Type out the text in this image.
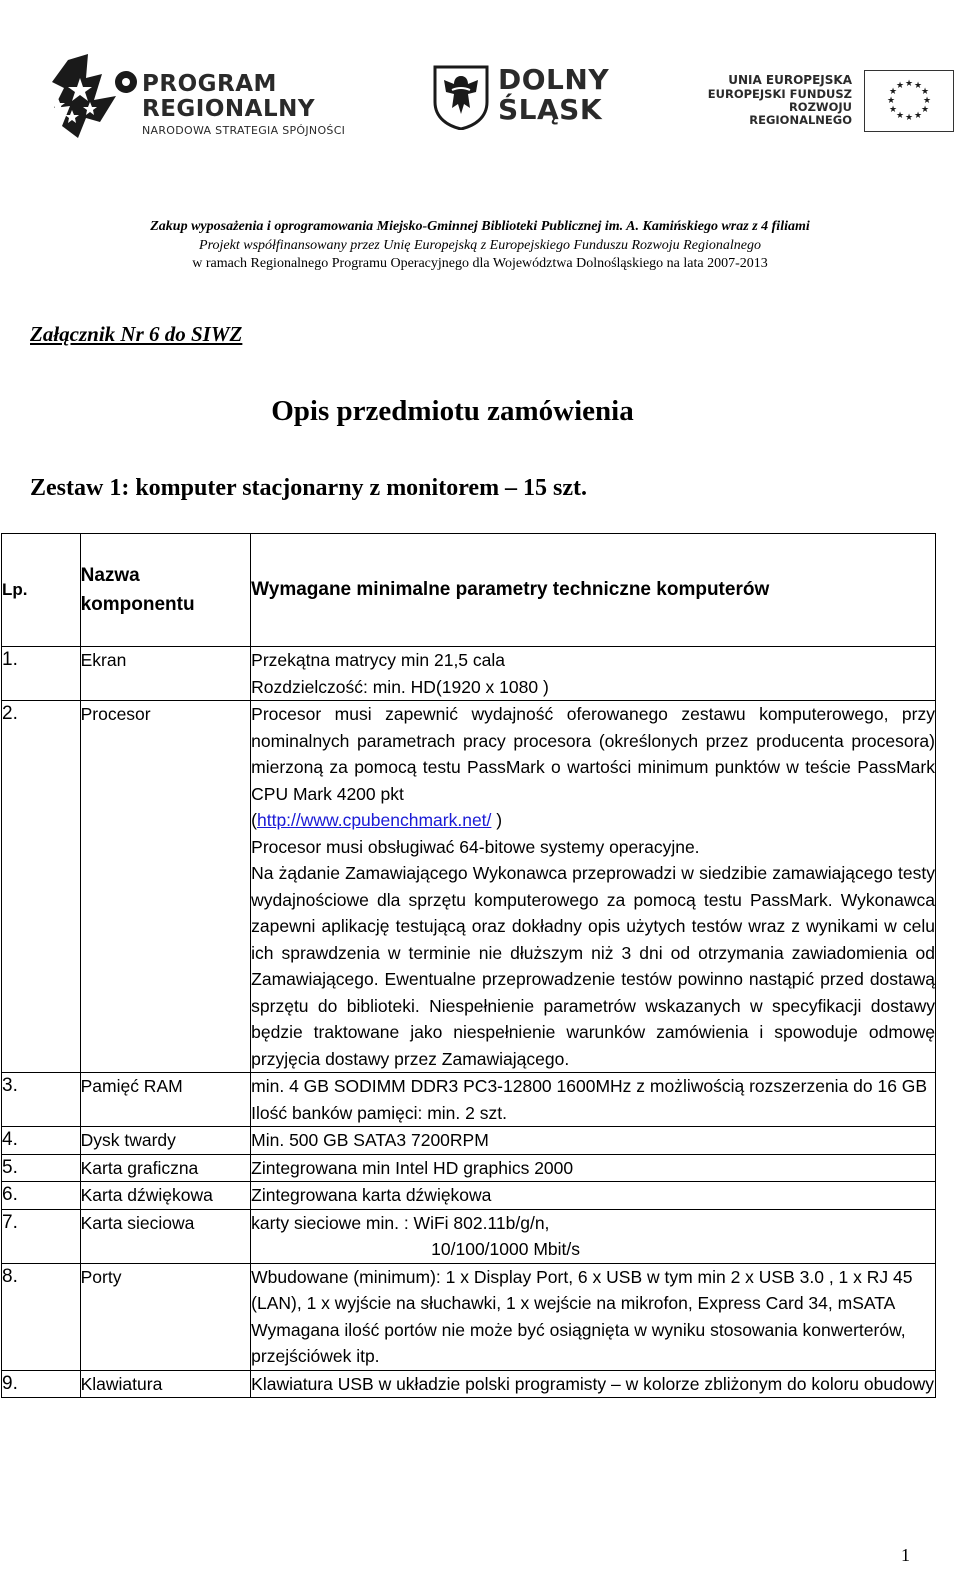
PROGRAM
REGIONALNY
NARODOWA STRATEGIA SPÓJNOŚCI
DOLNY
ŚLĄSK
UNIA EUROPEJSKA
EUROPEJSKI FUNDUSZ
ROZWOJU REGIONALNEGO
★ ★
★
★
★
★
★
★
★
★
★
★
Zakup wyposażenia i oprogramowania Miejsko-Gminnej Biblioteki Publicznej im. A. Kamińskiego wraz z 4 filiami
Projekt współfinansowany przez Unię Europejską z Europejskiego Funduszu Rozwoju Regionalnego
w ramach Regionalnego Programu Operacyjnego dla Województwa Dolnośląskiego na lata 2007-2013
Załącznik Nr 6 do SIWZ
Opis przedmiotu zamówienia
Zestaw 1: komputer stacjonarny z monitorem – 15 szt.
Lp.	Nazwa komponentu	Wymagane minimalne parametry techniczne komputerów
1.	Ekran	Przekątna matrycy min 21,5 cala
Rozdzielczość: min. HD(1920 x 1080 )

2.	Procesor	Procesor musi zapewnić wydajność oferowanego zestawu komputerowego, przy nominalnych parametrach pracy procesora (określonych przez producenta procesora) mierzoną za pomocą testu PassMark o wartości minimum punktów w teście PassMark CPU Mark 4200 pkt
(http://www.cpubenchmark.net/ )
Procesor musi obsługiwać 64-bitowe systemy operacyjne.
Na żądanie Zamawiającego Wykonawca przeprowadzi w siedzibie zamawiającego testy wydajnościowe dla sprzętu komputerowego za pomocą testu PassMark. Wykonawca zapewni aplikację testującą oraz dokładny opis użytych testów wraz z wynikami w celu ich sprawdzenia w terminie nie dłuższym niż 3 dni od otrzymania zawiadomienia od Zamawiającego. Ewentualne przeprowadzenie testów powinno nastąpić przed dostawą sprzętu do biblioteki. Niespełnienie parametrów wskazanych w specyfikacji dostawy będzie traktowane jako niespełnienie warunków zamówienia i spowoduje odmowę przyjęcia dostawy przez Zamawiającego.

3.	Pamięć RAM	min. 4 GB SODIMM DDR3 PC3-12800 1600MHz z możliwością rozszerzenia do 16 GB
Ilość banków pamięci: min. 2 szt.

4.	Dysk twardy	Min. 500 GB SATA3 7200RPM

5.	Karta graficzna	Zintegrowana min Intel HD graphics 2000

6.	Karta dźwiękowa	Zintegrowana karta dźwiękowa

7.	Karta sieciowa	karty sieciowe min. : WiFi 802.11b/g/n,
10/100/1000 Mbit/s

8.	Porty	Wbudowane (minimum): 1 x Display Port, 6 x USB w tym min 2 x USB 3.0 , 1 x RJ 45 (LAN), 1 x wyjście na słuchawki, 1 x wejście na mikrofon, Express Card 34, mSATA Wymagana ilość portów nie może być osiągnięta w wyniku stosowania konwerterów, przejściówek itp.

9.	Klawiatura	Klawiatura USB w układzie polski programisty – w kolorze zbliżonym do koloru obudowy
1
